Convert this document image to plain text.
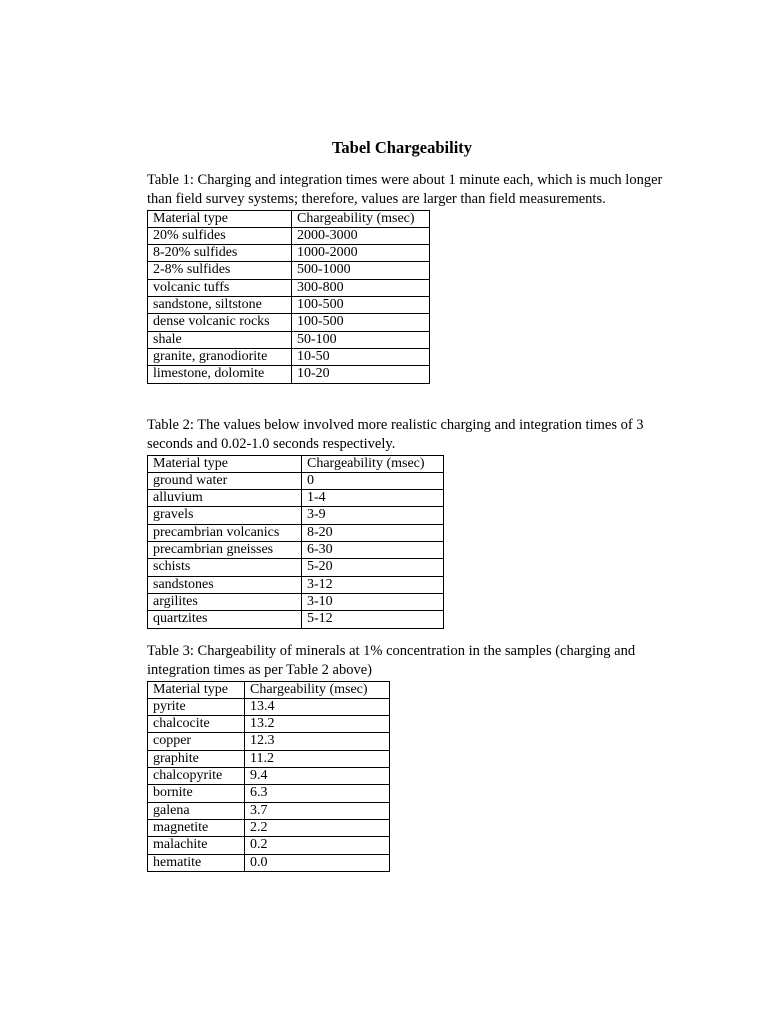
Tabel Chargeability

Table 1: Charging and integration times were about 1 minute each, which is much longer than field survey systems; therefore, values are larger than field measurements.

Material type	Chargeability (msec)
20% sulfides	2000-3000
8-20% sulfides	1000-2000
2-8% sulfides	500-1000
volcanic tuffs	300-800
sandstone, siltstone	100-500
dense volcanic rocks	100-500
shale	50-100
granite, granodiorite	10-50
limestone, dolomite	10-20

Table 2: The values below involved more realistic charging and integration times of 3 seconds and 0.02-1.0 seconds respectively.

Material type	Chargeability (msec)
ground water	0
alluvium	1-4
gravels	3-9
precambrian volcanics	8-20
precambrian gneisses	6-30
schists	5-20
sandstones	3-12
argilites	3-10
quartzites	5-12

Table 3: Chargeability of minerals at 1% concentration in the samples (charging and integration times as per Table 2 above)

Material type	Chargeability (msec)
pyrite	13.4
chalcocite	13.2
copper	12.3
graphite	11.2
chalcopyrite	9.4
bornite	6.3
galena	3.7
magnetite	2.2
malachite	0.2
hematite	0.0
